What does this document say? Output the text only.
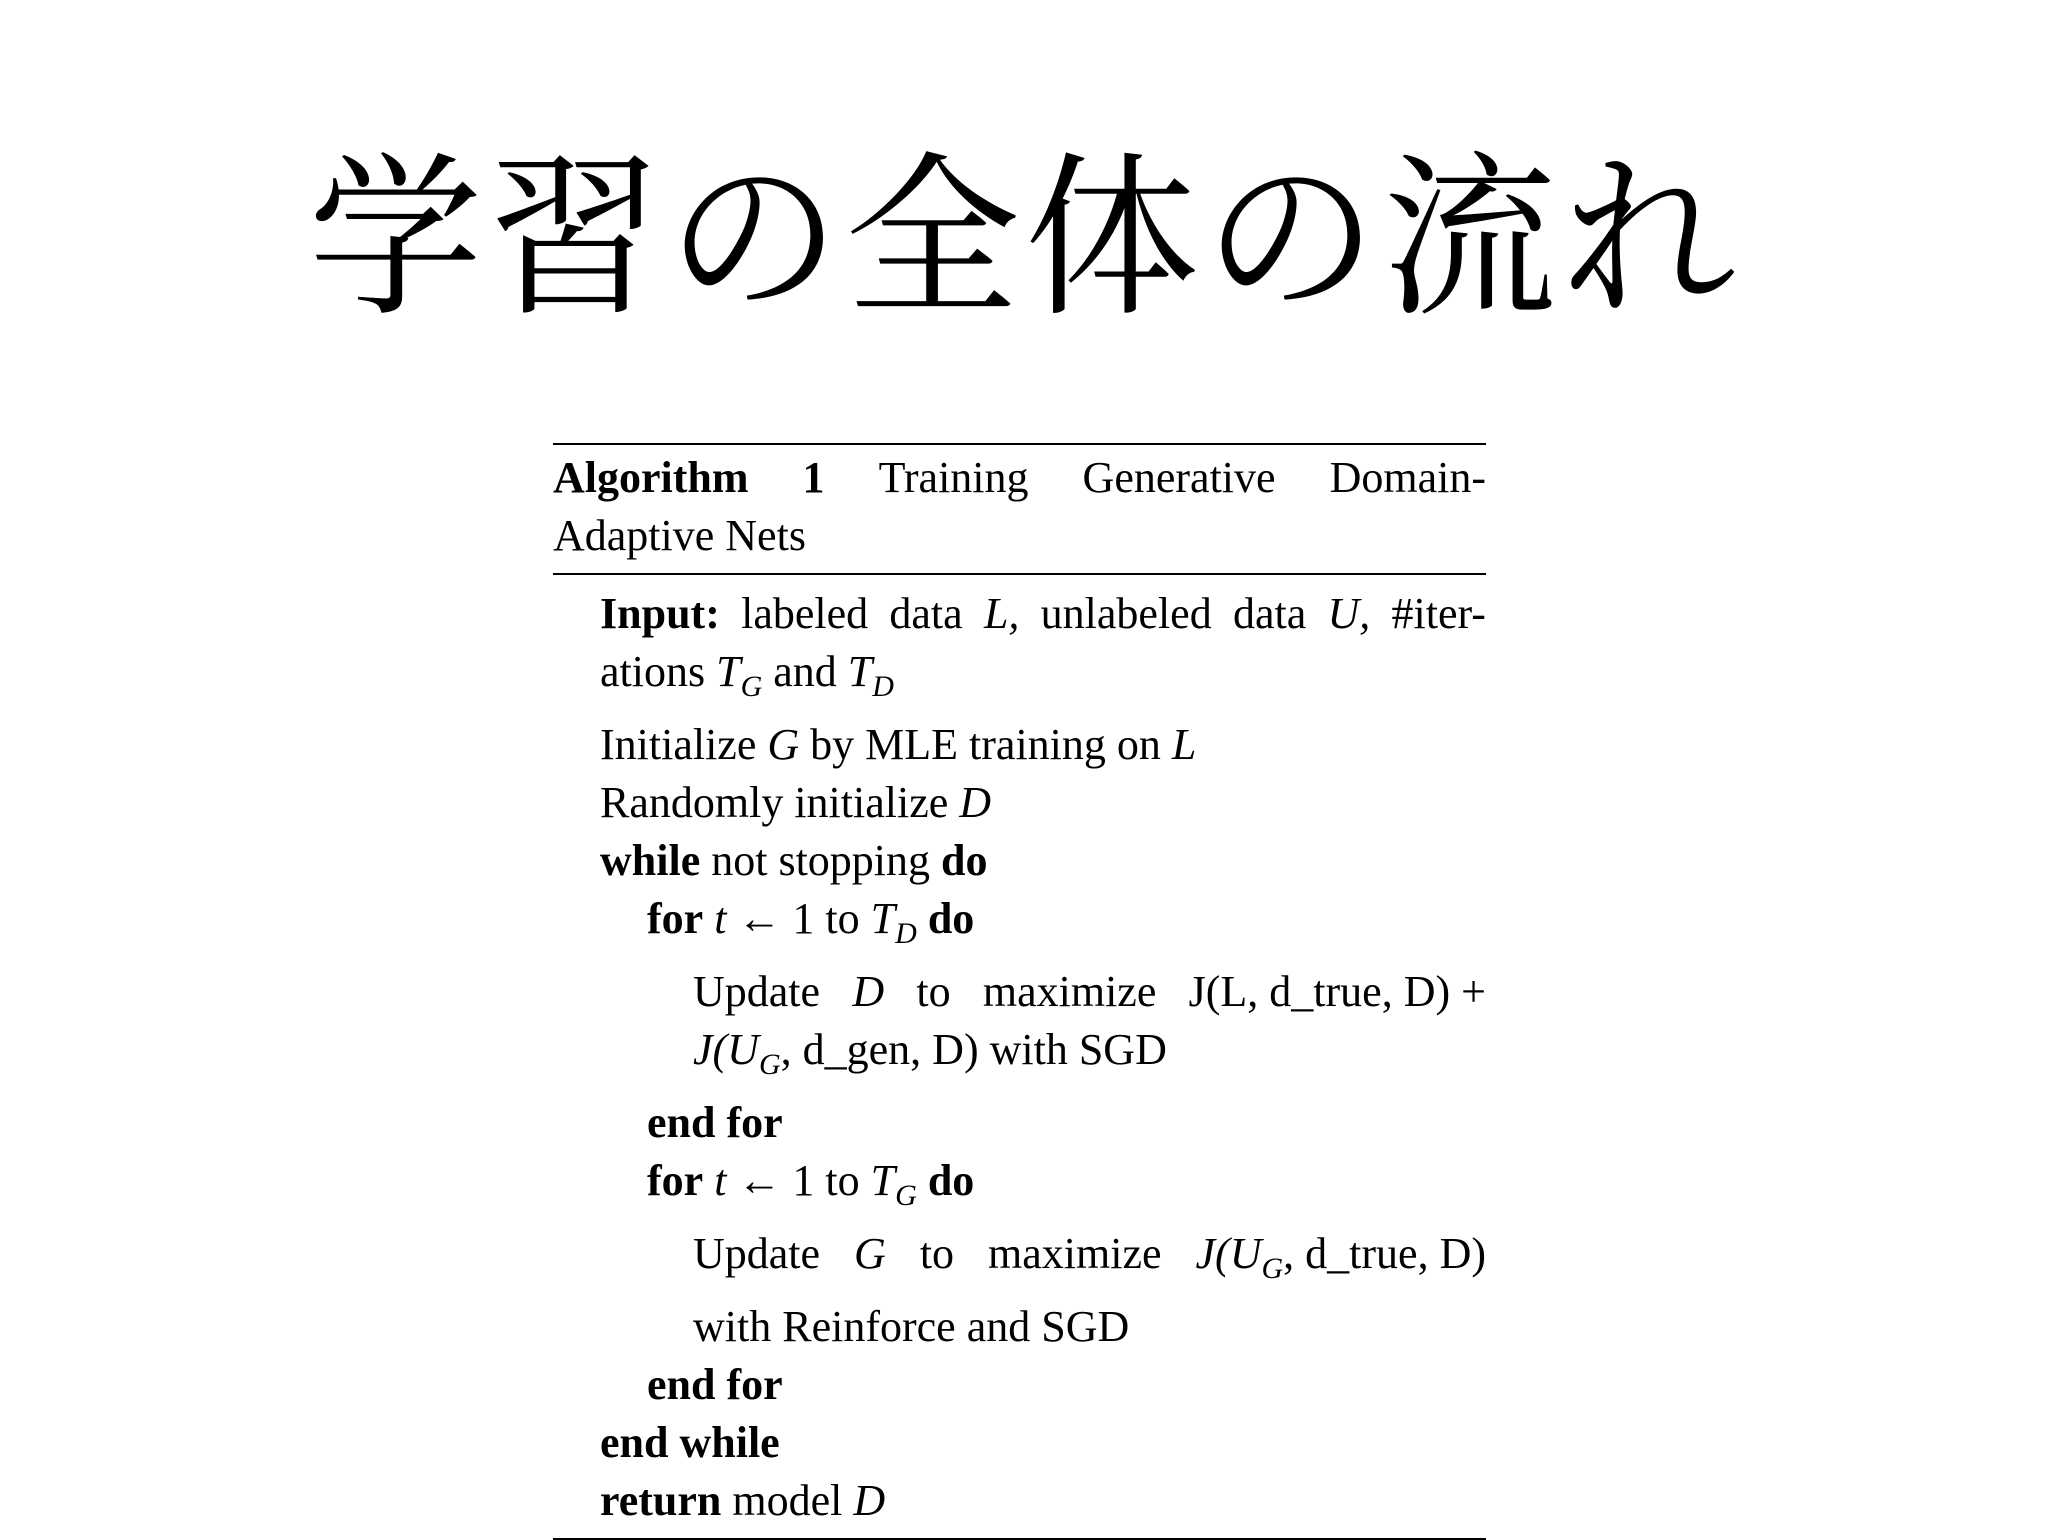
学習の全体の流れ
Algorithm 1 Training Generative Domain-
Adaptive Nets
Input: labeled data L, unlabeled data U, #iter-
ations $T_G$ and $T_D$
Initialize G by MLE training on L
Randomly initialize D
while not stopping do
for t ← 1 to $T_D$ do
Update D to maximize J(L, d_true, D) +
$J(U_G$, d_gen, D) with SGD
end for
for t ← 1 to $T_G$ do
Update G to maximize $J(U_G$, d_true, D)
with Reinforce and SGD
end for
end while
return model D
